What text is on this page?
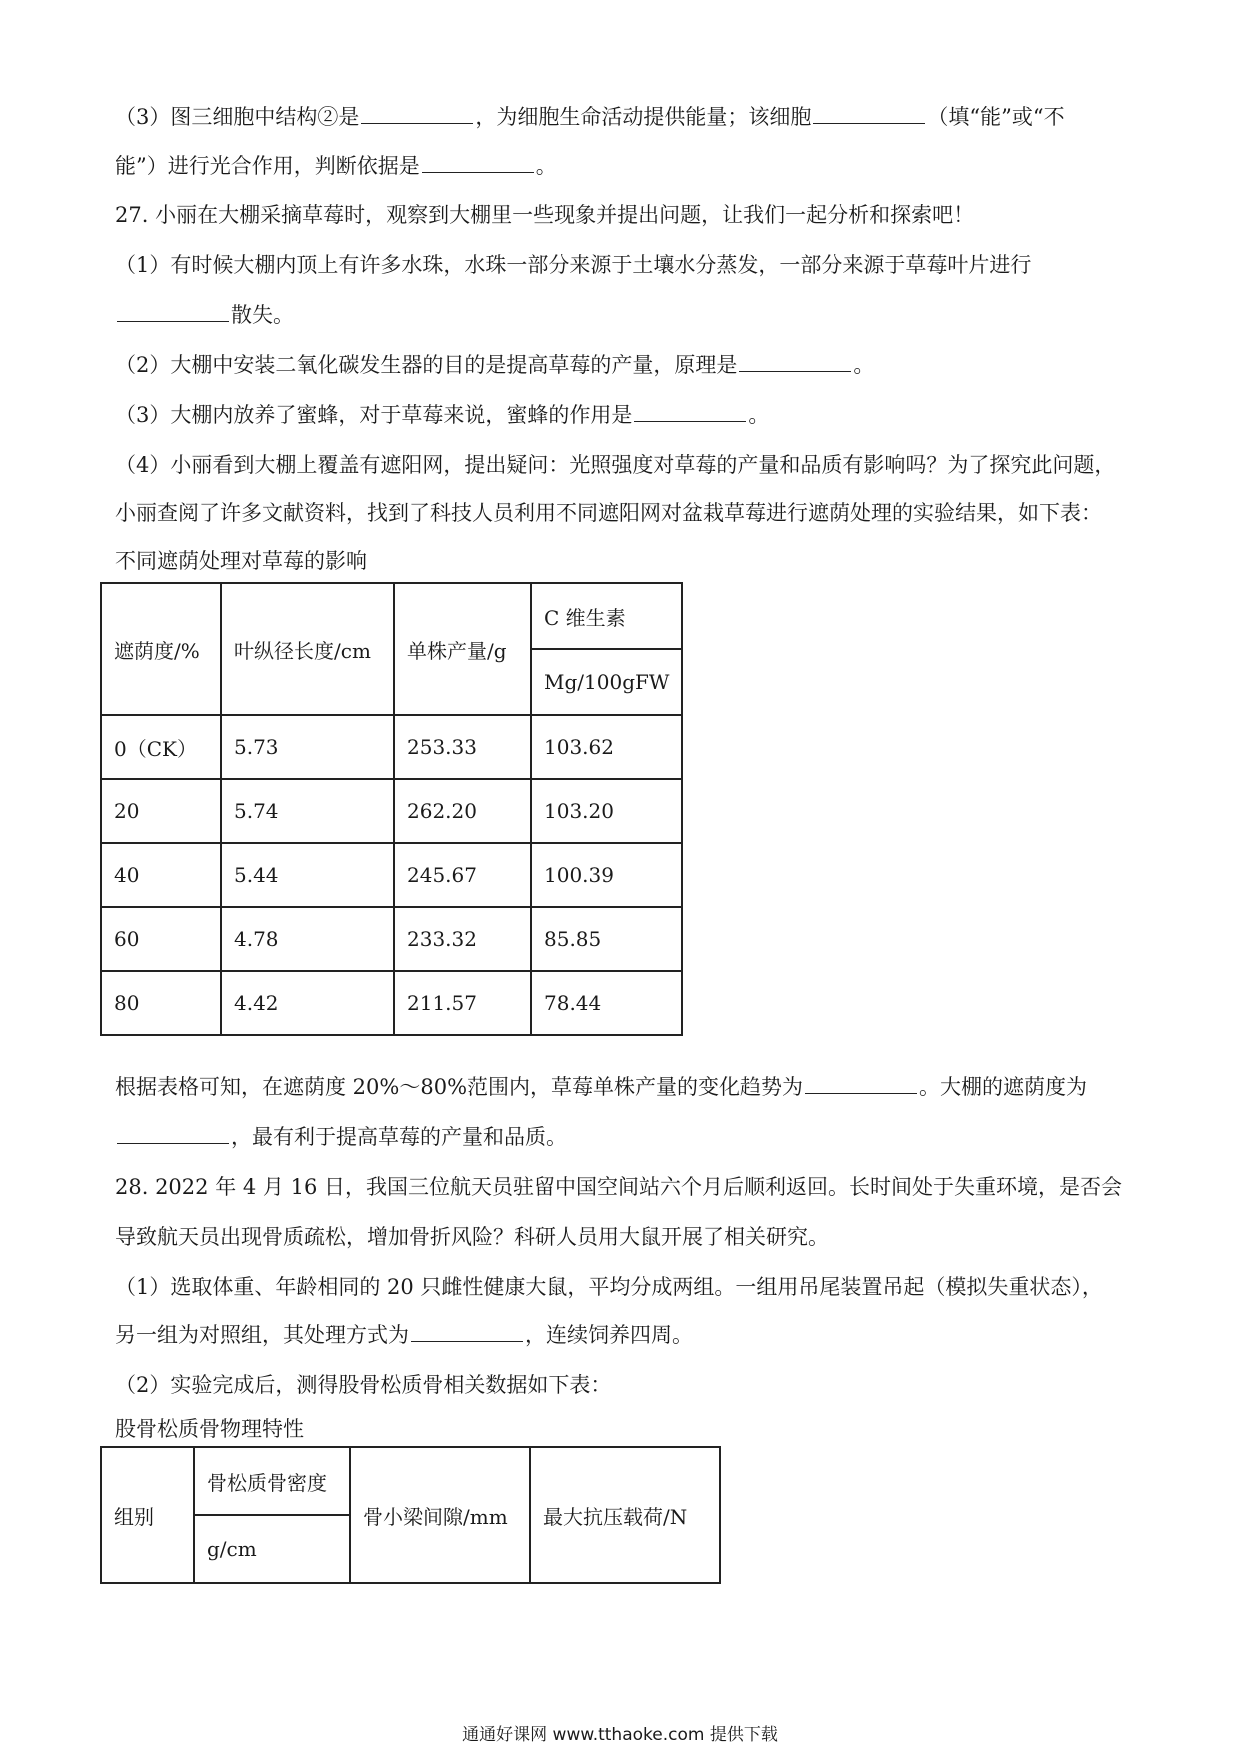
（3）图三细胞中结构②是	，为细胞生命活动提供能量；该细胞	（填“能”或“不
能”）进行光合作用，判断依据是	。
27. 小丽在大棚采摘草莓时，观察到大棚里一些现象并提出问题，让我们一起分析和探索吧！
（1）有时候大棚内顶上有许多水珠，水珠一部分来源于土壤水分蒸发，一部分来源于草莓叶片进行
散失。
（2）大棚中安装二氧化碳发生器的目的是提高草莓的产量，原理是	。
（3）大棚内放养了蜜蜂，对于草莓来说，蜜蜂的作用是	。
（4）小丽看到大棚上覆盖有遮阳网，提出疑问：光照强度对草莓的产量和品质有影响吗？为了探究此问题，
小丽查阅了许多文献资料，找到了科技人员利用不同遮阳网对盆栽草莓进行遮荫处理的实验结果，如下表：
不同遮荫处理对草莓的影响
遮荫度/%	叶纵径长度/cm	单株产量/g	C 维生素
			Mg/100gFW
0（CK）	5.73	253.33	103.62
20	5.74	262.20	103.20
40	5.44	245.67	100.39
60	4.78	233.32	85.85
80	4.42	211.57	78.44
根据表格可知，在遮荫度 20%～80%范围内，草莓单株产量的变化趋势为	。大棚的遮荫度为
，最有利于提高草莓的产量和品质。
28. 2022 年 4 月 16 日，我国三位航天员驻留中国空间站六个月后顺利返回。长时间处于失重环境，是否会
导致航天员出现骨质疏松，增加骨折风险？科研人员用大鼠开展了相关研究。
（1）选取体重、年龄相同的 20 只雌性健康大鼠，平均分成两组。一组用吊尾装置吊起（模拟失重状态），
另一组为对照组，其处理方式为	，连续饲养四周。
（2）实验完成后，测得股骨松质骨相关数据如下表：
股骨松质骨物理特性
组别	骨松质骨密度	骨小梁间隙/mm	最大抗压载荷/N
g/cm
通通好课网 www.tthaoke.com 提供下载
